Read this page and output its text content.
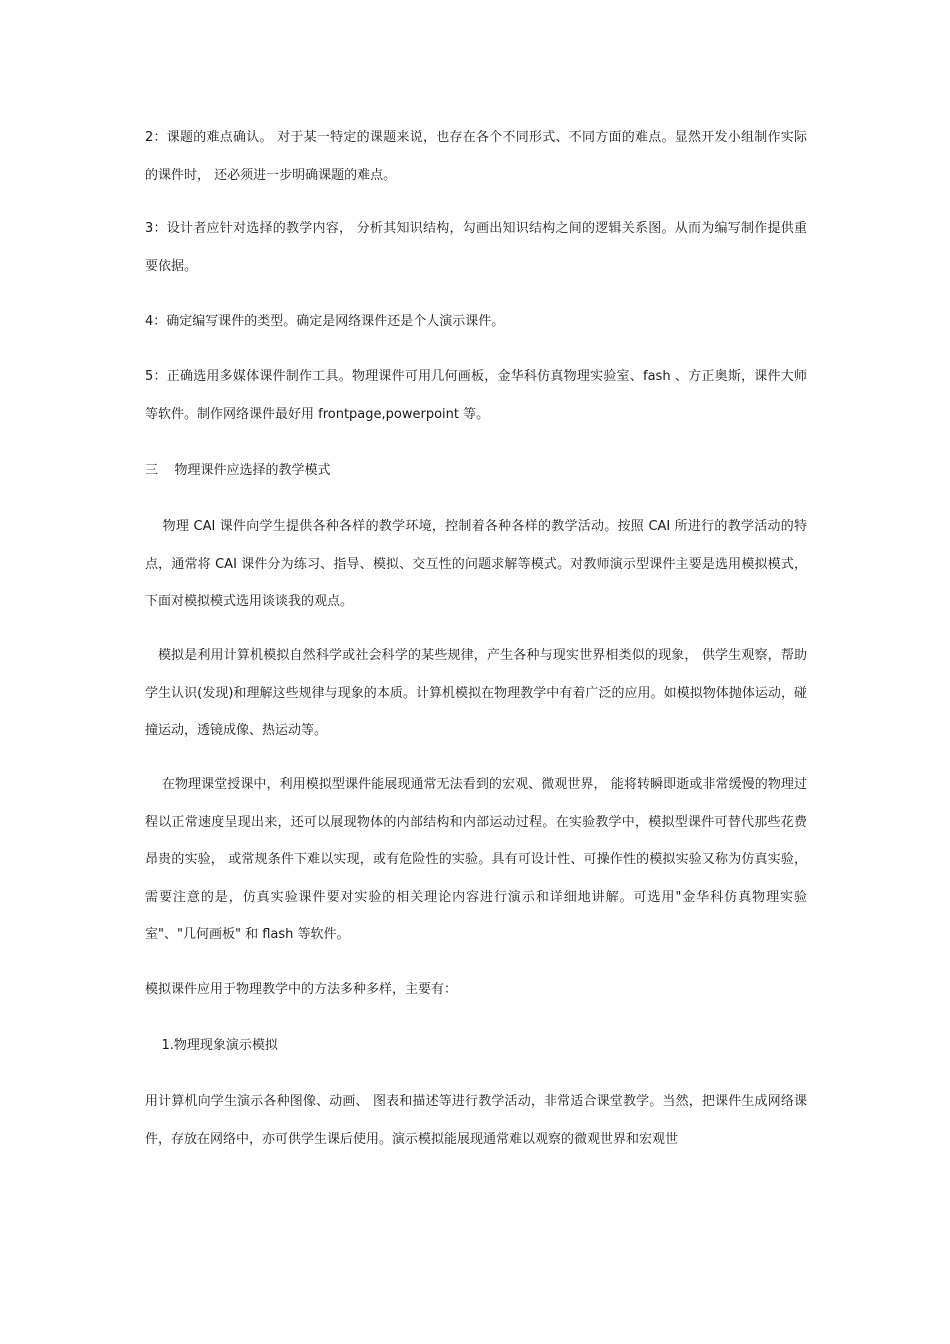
2：课题的难点确认。 对于某一特定的课题来说，也存在各个不同形式、不同方面的难点。显然开发小组制作实际的课件时， 还必须进一步明确课题的难点。

3：设计者应针对选择的教学内容， 分析其知识结构，勾画出知识结构之间的逻辑关系图。从而为编写制作提供重要依据。

4：确定编写课件的类型。确定是网络课件还是个人演示课件。

5：正确选用多媒体课件制作工具。物理课件可用几何画板，金华科仿真物理实验室、fash 、方正奥斯，课件大师等软件。制作网络课件最好用 frontpage,powerpoint 等。

三    物理课件应选择的教学模式

物理 CAI 课件向学生提供各种各样的教学环境，控制着各种各样的教学活动。按照 CAI 所进行的教学活动的特点，通常将 CAI 课件分为练习、指导、模拟、交互性的问题求解等模式。对教师演示型课件主要是选用模拟模式，下面对模拟模式选用谈谈我的观点。

模拟是利用计算机模拟自然科学或社会科学的某些规律，产生各种与现实世界相类似的现象， 供学生观察，帮助学生认识(发现)和理解这些规律与现象的本质。计算机模拟在物理教学中有着广泛的应用。如模拟物体抛体运动，碰撞运动，透镜成像、热运动等。

在物理课堂授课中，利用模拟型课件能展现通常无法看到的宏观、微观世界， 能将转瞬即逝或非常缓慢的物理过程以正常速度呈现出来，还可以展现物体的内部结构和内部运动过程。在实验教学中，模拟型课件可替代那些花费昂贵的实验， 或常规条件下难以实现，或有危险性的实验。具有可设计性、可操作性的模拟实验又称为仿真实验，需要注意的是，仿真实验课件要对实验的相关理论内容进行演示和详细地讲解。可选用"金华科仿真物理实验室"、"几何画板" 和 flash 等软件。

模拟课件应用于物理教学中的方法多种多样，主要有：

1.物理现象演示模拟

用计算机向学生演示各种图像、动画、 图表和描述等进行教学活动，非常适合课堂教学。当然，把课件生成网络课件，存放在网络中，亦可供学生课后使用。演示模拟能展现通常难以观察的微观世界和宏观世
